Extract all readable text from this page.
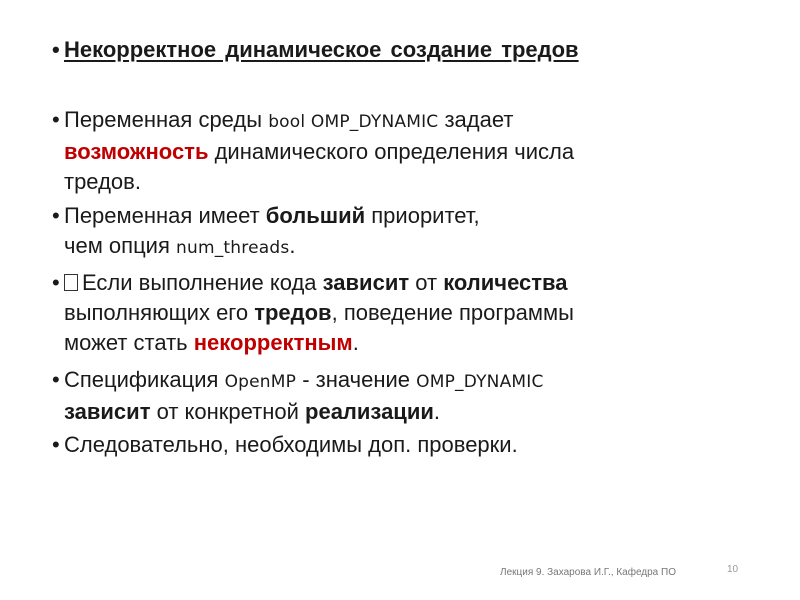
• Некорректное динамическое создание тредов
• Переменная среды bool OMP_DYNAMIC задает
возможность динамического определения числа
тредов.
• Переменная имеет больший приоритет,
чем опция num_threads.
•	Если выполнение кода зависит от количества
выполняющих его тредов, поведение программы
может стать некорректным.
• Спецификация OpenMP - значение OMP_DYNAMIC
зависит от конкретной реализации.
• Следовательно, необходимы доп. проверки.
Лекция 9. Захарова И.Г., Кафедра ПО	10
